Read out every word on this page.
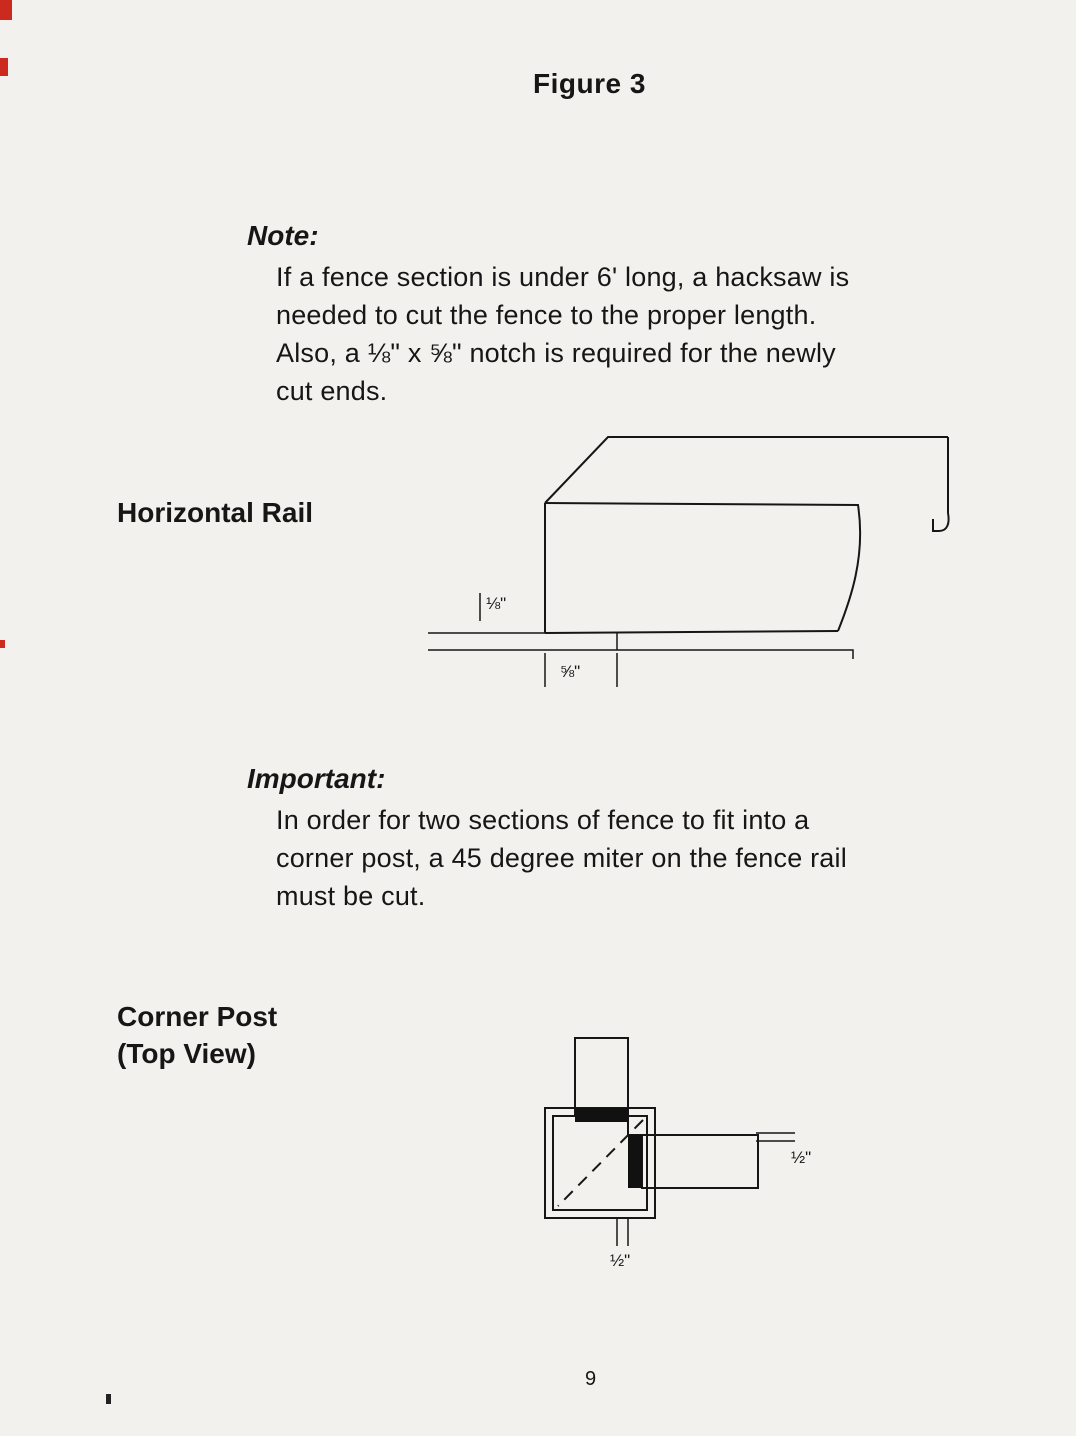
Figure 3
Note:
If a fence section is under 6' long, a hacksaw is
needed to cut the fence to the proper length.
Also, a ⅛" x ⅝" notch is required for the newly
cut ends.
Horizontal Rail
⅛"
⅝"
Important:
In order for two sections of fence to fit into a
corner post, a 45 degree miter on the fence rail
must be cut.
Corner Post
(Top View)
½"
½"
9
